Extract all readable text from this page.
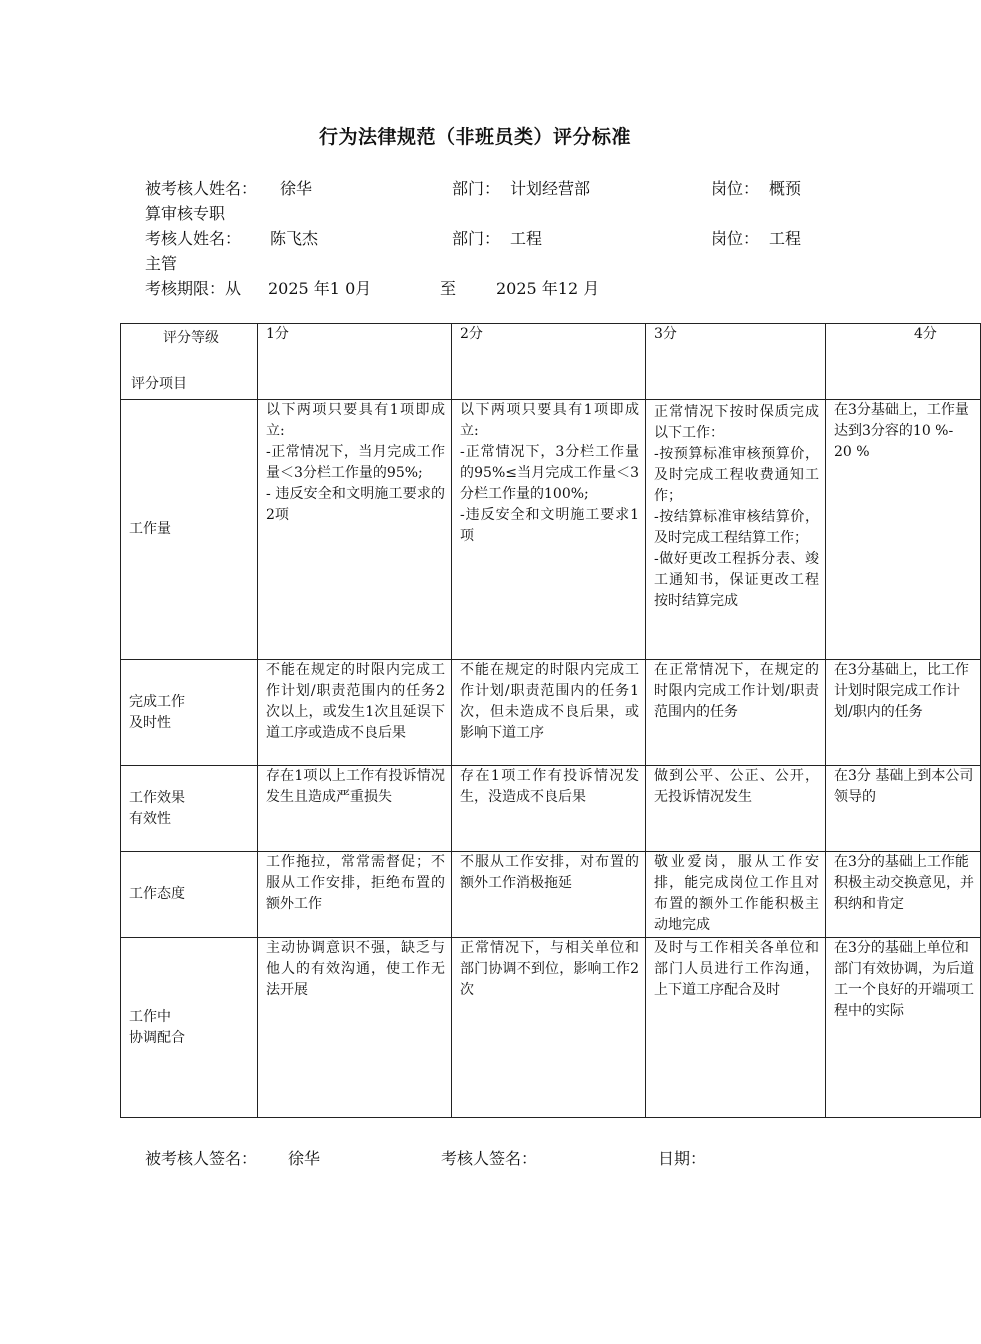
行为法律规范（非班员类）评分标准
被考核人姓名： 徐华	部门： 计划经营部	岗位： 概预
算审核专职
考核人姓名： 陈飞杰	部门： 工程	岗位： 工程
主管
考核期限：从 2025 年1 0月	至 2025 年12 月
评分等级
评分项目	1分	2分	3分	4分

工作量	以下两项只要具有1项即成立:
-正常情况下，当月完成工作量＜3分栏工作量的95%;
- 违反安全和文明施工要求的2项	以下两项只要具有1项即成立:
-正常情况下，3分栏工作量的95%≤当月完成工作量＜3分栏工作量的100%;
-违反安全和文明施工要求1项	正常情况下按时保质完成以下工作：
-按预算标准审核预算价，及时完成工程收费通知工作；
-按结算标准审核结算价，及时完成工程结算工作；
-做好更改工程拆分表、竣工通知书，保证更改工程按时结算完成	在3分基础上，工作量达到3分容的10 %- 20 %

完成工作
及时性	不能在规定的时限内完成工作计划/职责范围内的任务2次以上，或发生1次且延误下道工序或造成不良后果	不能在规定的时限内完成工作计划/职责范围内的任务1次，但未造成不良后果，或影响下道工序	在正常情况下，在规定的时限内完成工作计划/职责范围内的任务	在3分基础上，比工作计划时限完成工作计划/职内的任务

工作效果
有效性	存在1项以上工作有投诉情况发生且造成严重损失	存在1项工作有投诉情况发生，没造成不良后果	做到公平、公正、公开，无投诉情况发生	在3分 基础上到本公司领导的

工作态度	工作拖拉，常常需督促；不服从工作安排，拒绝布置的额外工作	不服从工作安排，对布置的额外工作消极拖延	敬业爱岗，服从工作安排，能完成岗位工作且对布置的额外工作能积极主动地完成	在3分的基础上工作能积极主动交换意见，并积纳和肯定

工作中
协调配合	主动协调意识不强，缺乏与他人的有效沟通，使工作无法开展	正常情况下，与相关单位和部门协调不到位，影响工作2次	及时与工作相关各单位和部门人员进行工作沟通，上下道工序配合及时	在3分的基础上单位和部门有效协调，为后道工一个良好的开端项工程中的实际
被考核人签名： 徐华	考核人签名：	日期：
